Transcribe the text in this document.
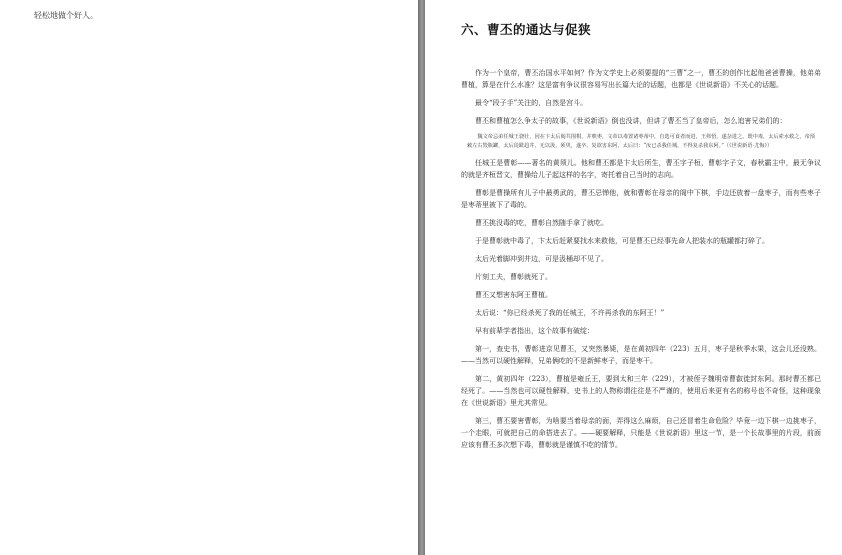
轻松地做个好人。
六、曹丕的通达与促狭

作为一个皇帝，曹丕治国水平如何？作为文学史上必须要提的“三曹”之一，曹丕的创作比起他爸爸曹操，他弟弟曹植，算是在什么水准？这是富有争议很容易写出长篇大论的话题，也都是《世说新语》不关心的话题。

最令“段子手”关注的，自然是宫斗。

曹丕和曹植怎么争太子的故事，《世说新语》倒也没讲，但讲了曹丕当了皇帝后，怎么追害兄弟们的：

魏文帝忌弟任城王骁壮，因在卞太后阁共围棋，并啖枣，文帝以毒置诸枣蒂中，自选可食者而进，王弗悟，遂杂进之。既中毒，太后索水救之，帝预敕左右毁瓶罐，太后徒跣趋井，无以汲，须臾，遂卒。复欲害东阿，太后曰：“汝已杀我任城，不得复杀我东阿。”（《世说新语·尤悔》）

任城王是曹彰——著名的黄须儿。他和曹丕都是卞太后所生，曹丕字子桓，曹彰字子文，春秋霸主中，最无争议的就是齐桓晋文，曹操给儿子起这样的名字，寄托着自己当时的志向。

曹彰是曹操所有儿子中最勇武的，曹丕忌惮他，就和曹彰在母亲的阁中下棋，手边还放着一盘枣子，而有些枣子是枣蒂里被下了毒的。

曹丕挑没毒的吃，曹彰自然随手拿了就吃。

于是曹彰就中毒了，卞太后赶紧要找水来救他，可是曹丕已经事先命人把装水的瓶罐都打碎了。

太后光着脚冲到井边，可是汲桶却不见了。

片刻工夫，曹彰就死了。

曹丕又想害东阿王曹植。

太后说：“你已经杀死了我的任城王，不许再杀我的东阿王！”

早有前辈学者指出，这个故事有破绽：

第一，查史书，曹彰进京见曹丕，又突然暴毙，是在黄初四年（223）五月，枣子是秋季水果，这会儿还没熟。——当然可以硬性解释，兄弟俩吃的不是新鲜枣子，而是枣干。

第二，黄初四年（223），曹植是雍丘王，要到太和三年（229），才被侄子魏明帝曹叡徙封东阿。那时曹丕都已经死了。——当然也可以硬性解释，史书上的人物称谓往往是不严谨的，使用后来更有名的称号也不奇怪，这种现象在《世说新语》里尤其常见。

第三，曹丕要害曹彰，为啥要当着母亲的面，弄得这么麻烦，自己还冒着生命危险？毕竟一边下棋一边挑枣子，一个走眼，可就把自己的命搭进去了。——硬要解释，只能是《世说新语》里这一节，是一个长故事里的片段，前面应该有曹丕多次想下毒，曹彰就是谨慎不吃的情节。
